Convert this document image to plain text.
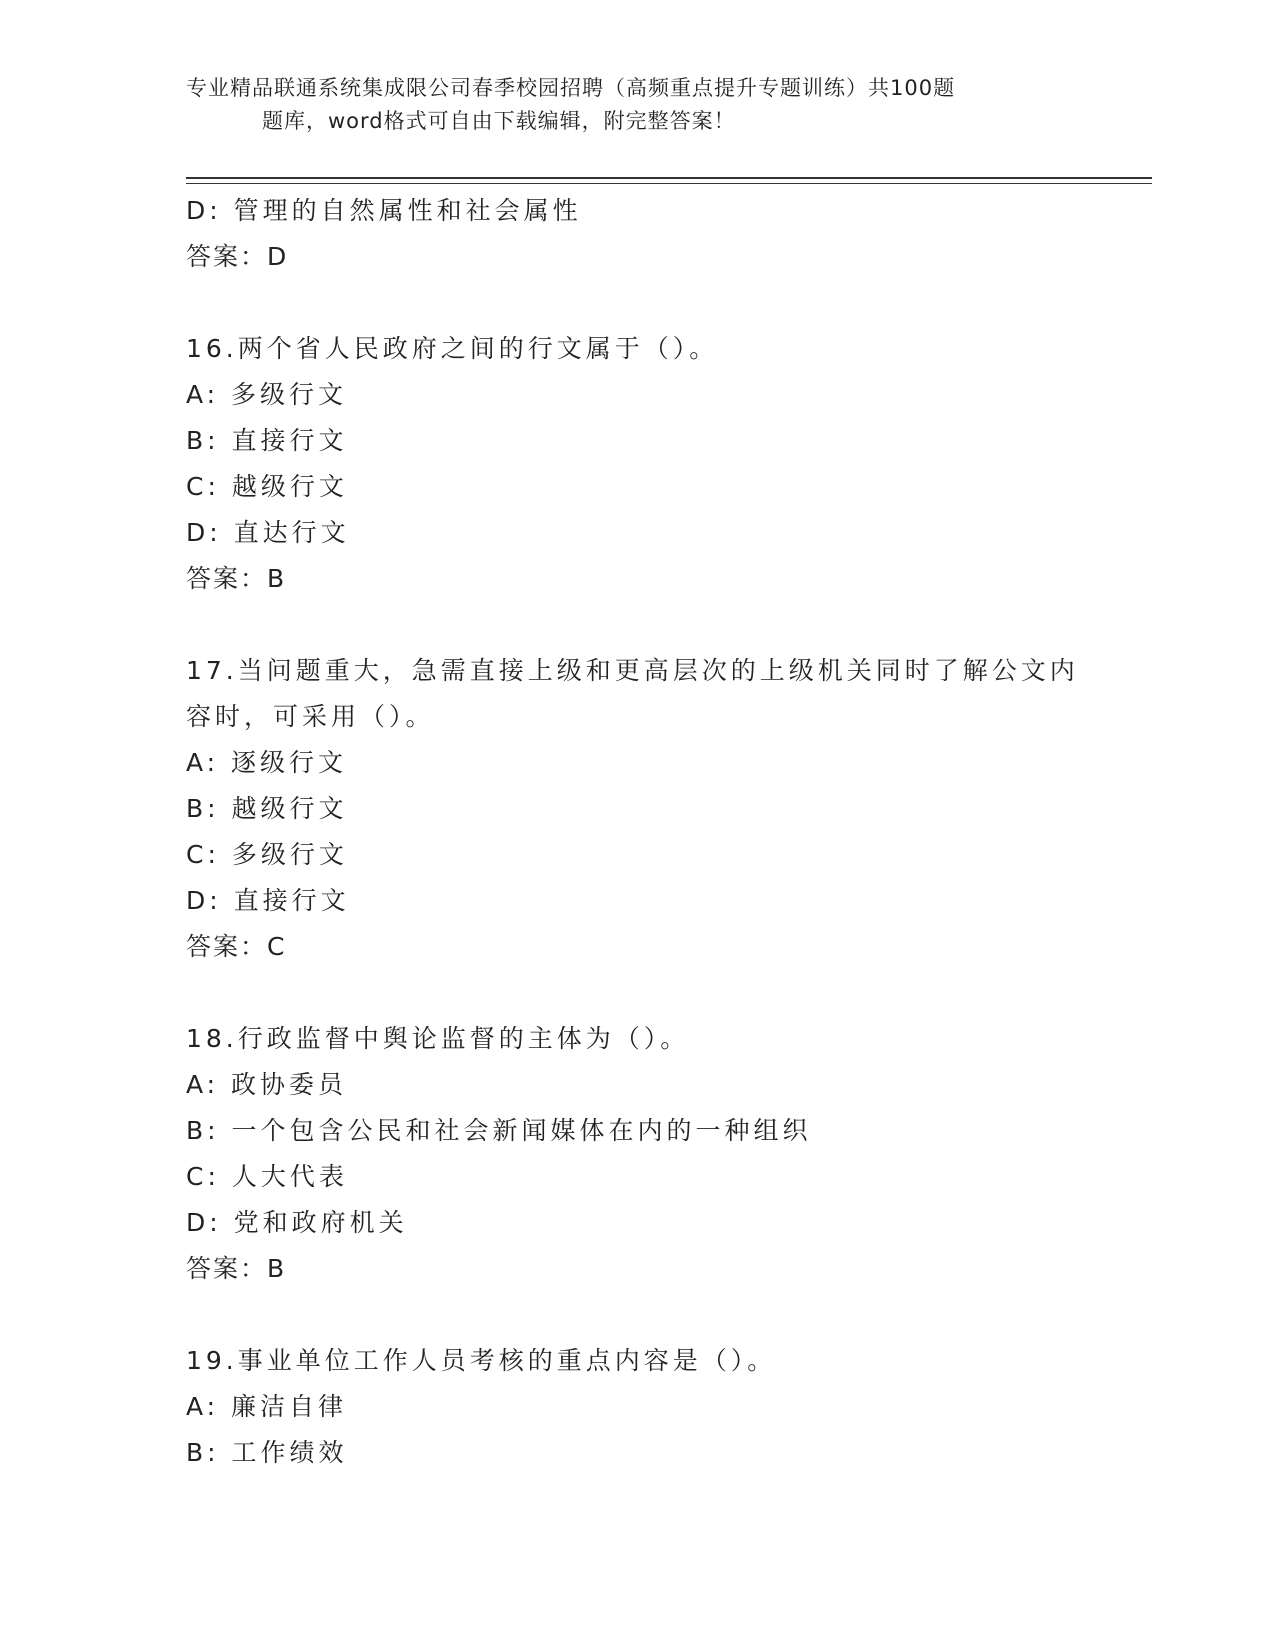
专业精品联通系统集成限公司春季校园招聘（高频重点提升专题训练）共100题
题库，word格式可自由下载编辑，附完整答案！
D: 管理的自然属性和社会属性
答案：D
16.两个省人民政府之间的行文属于（）。
A: 多级行文
B: 直接行文
C: 越级行文
D: 直达行文
答案：B
17.当问题重大，急需直接上级和更高层次的上级机关同时了解公文内
容时，可采用（）。
A: 逐级行文
B: 越级行文
C: 多级行文
D: 直接行文
答案：C
18.行政监督中舆论监督的主体为（）。
A: 政协委员
B: 一个包含公民和社会新闻媒体在内的一种组织
C: 人大代表
D: 党和政府机关
答案：B
19.事业单位工作人员考核的重点内容是（）。
A: 廉洁自律
B: 工作绩效
